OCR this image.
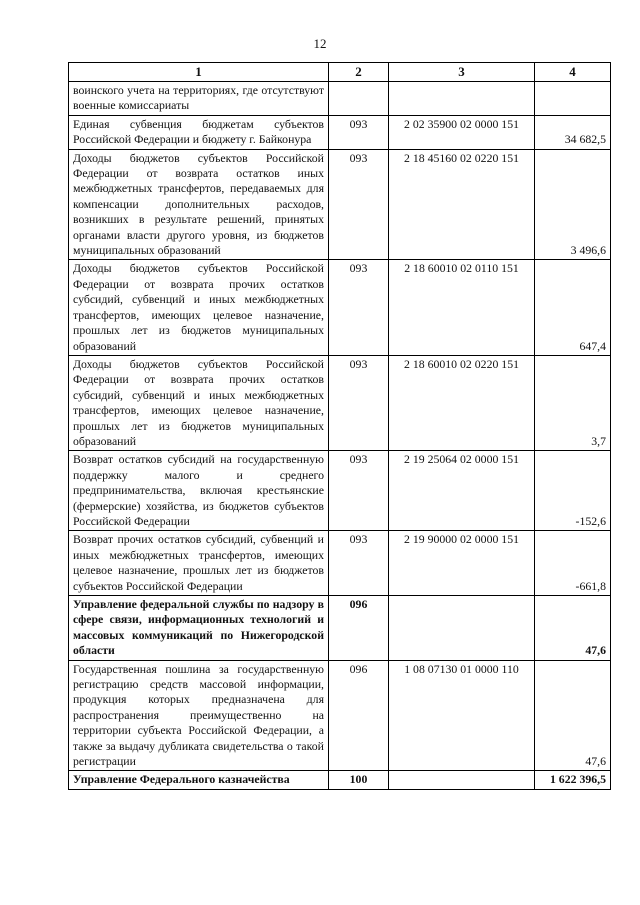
12
1	2	3	4
воинского учета на территориях, где отсутствуют военные комиссариаты			
Единая субвенция бюджетам субъектов Российской Федерации и бюджету г. Байконура	093	2 02 35900 02 0000 151	34 682,5
Доходы бюджетов субъектов Российской Федерации от возврата остатков иных межбюджетных трансфертов, передаваемых для компенсации дополнительных расходов, возникших в результате решений, принятых органами власти другого уровня, из бюджетов муниципальных образований	093	2 18 45160 02 0220 151	3 496,6
Доходы бюджетов субъектов Российской Федерации от возврата прочих остатков субсидий, субвенций и иных межбюджетных трансфертов, имеющих целевое назначение, прошлых лет из бюджетов муниципальных образований	093	2 18 60010 02 0110 151	647,4
Доходы бюджетов субъектов Российской Федерации от возврата прочих остатков субсидий, субвенций и иных межбюджетных трансфертов, имеющих целевое назначение, прошлых лет из бюджетов муниципальных образований	093	2 18 60010 02 0220 151	3,7
Возврат остатков субсидий на государственную поддержку малого и среднего предпринимательства, включая крестьянские (фермерские) хозяйства, из бюджетов субъектов Российской Федерации	093	2 19 25064 02 0000 151	-152,6
Возврат прочих остатков субсидий, субвенций и иных межбюджетных трансфертов, имеющих целевое назначение, прошлых лет из бюджетов субъектов Российской Федерации	093	2 19 90000 02 0000 151	-661,8
Управление федеральной службы по надзору в сфере связи, информационных технологий и массовых коммуникаций по Нижегородской области	096		47,6
Государственная пошлина за государственную регистрацию средств массовой информации, продукция которых предназначена для распространения преимущественно на территории субъекта Российской Федерации, а также за выдачу дубликата свидетельства о такой регистрации	096	1 08 07130 01 0000 110	47,6
Управление Федерального казначейства	100		1 622 396,5
